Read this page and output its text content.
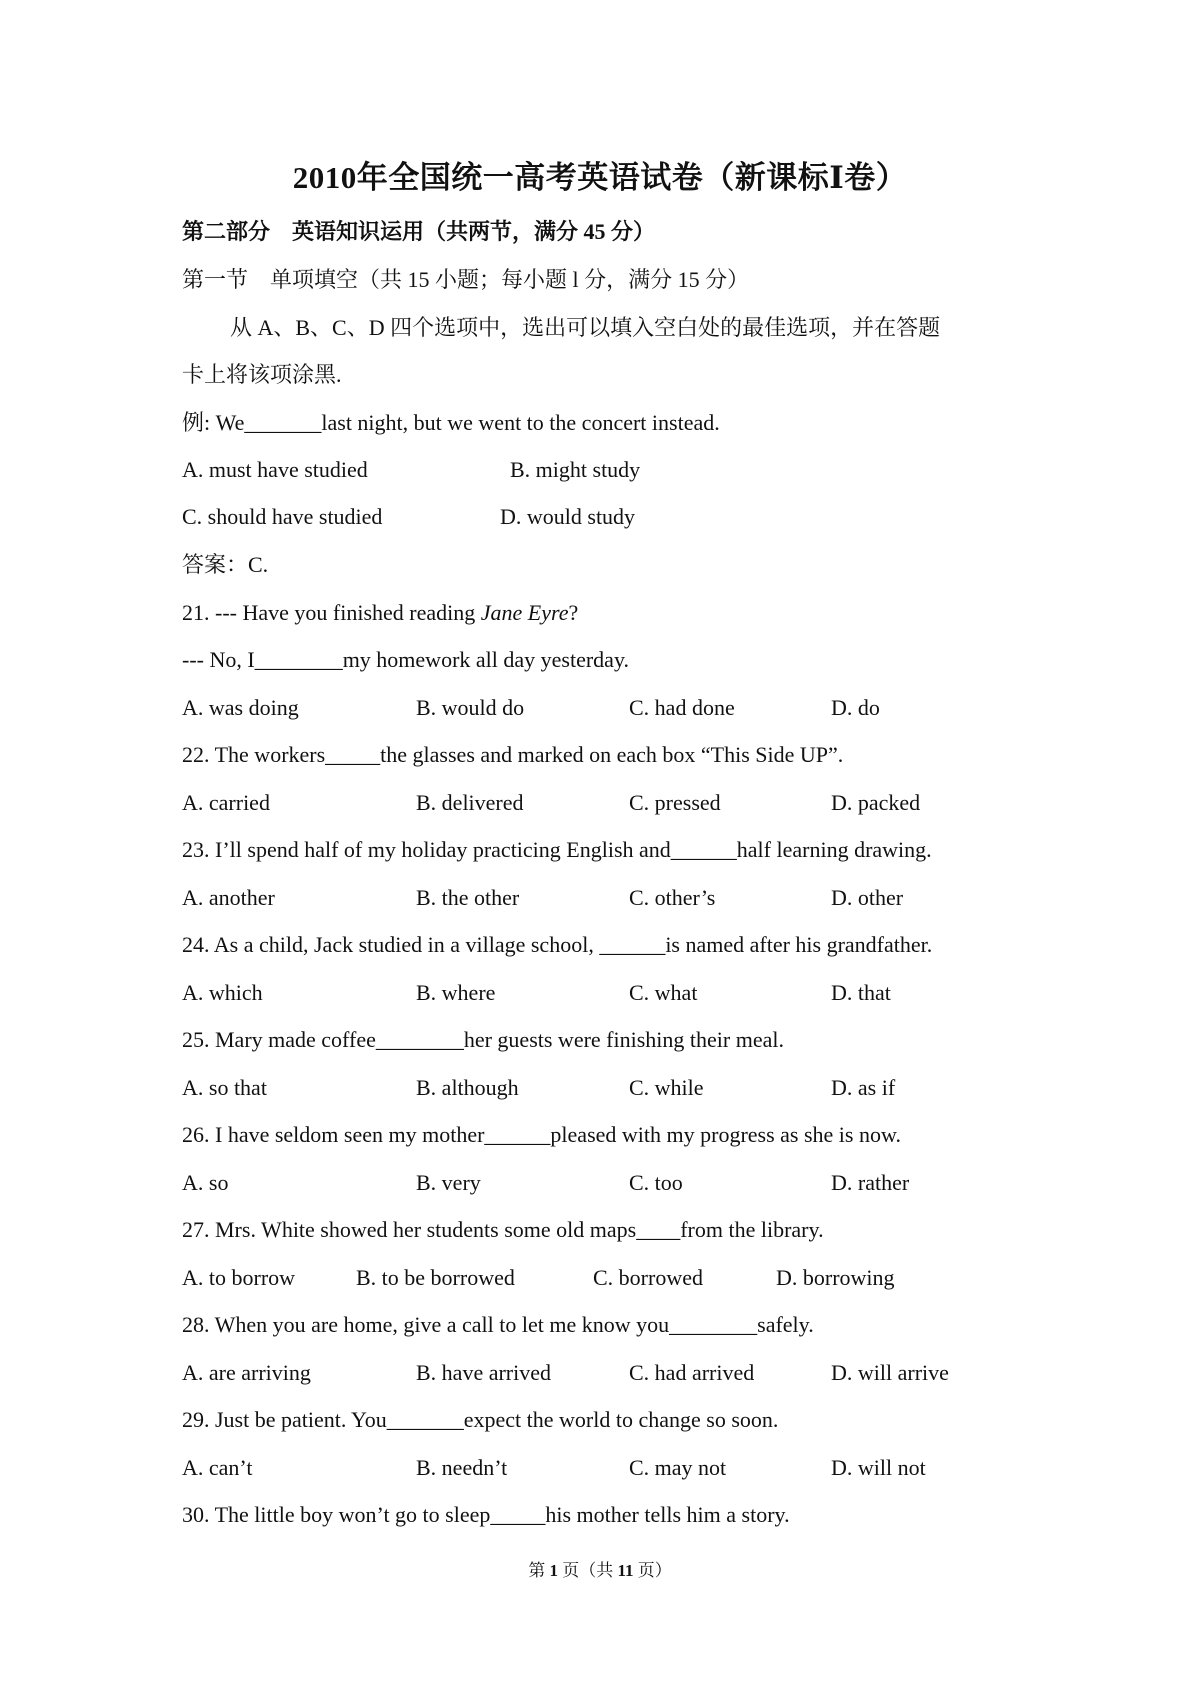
2010年全国统一高考英语试卷（新课标Ⅰ卷）
第二部分　英语知识运用（共两节，满分 45 分）
第一节　单项填空（共 15 小题；每小题 l 分，满分 15 分）
从 A、B、C、D 四个选项中，选出可以填入空白处的最佳选项，并在答题
卡上将该项涂黑.
例: We_______last night, but we went to the concert instead.
A. must have studied	B. might study
C. should have studied	D. would study
答案：C.
21. --- Have you finished reading Jane Eyre?
--- No, I________my homework all day yesterday.
A. was doing	B. would do	C. had done	D. do
22. The workers_____the glasses and marked on each box “This Side UP”.
A. carried	B. delivered	C. pressed	D. packed
23. I’ll spend half of my holiday practicing English and______half learning drawing.
A. another	B. the other	C. other’s	D. other
24. As a child, Jack studied in a village school, ______is named after his grandfather.
A. which	B. where	C. what	D. that
25. Mary made coffee________her guests were finishing their meal.
A. so that	B. although	C. while	D. as if
26. I have seldom seen my mother______pleased with my progress as she is now.
A. so	B. very	C. too	D. rather
27. Mrs. White showed her students some old maps____from the library.
A. to borrow	B. to be borrowed	C. borrowed	D. borrowing
28. When you are home, give a call to let me know you________safely.
A. are arriving	B. have arrived	C. had arrived	D. will arrive
29. Just be patient. You_______expect the world to change so soon.
A. can’t	B. needn’t	C. may not	D. will not
30. The little boy won’t go to sleep_____his mother tells him a story.
第 1 页（共 11 页）
